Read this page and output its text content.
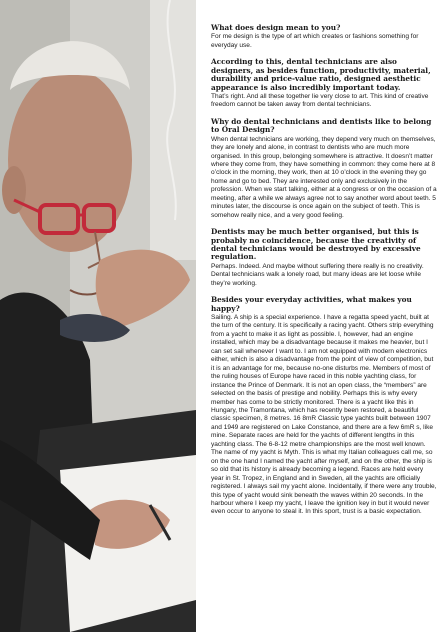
What does design mean to you?

For me design is the type of art which creates or fashions something for everyday use.

According to this, dental technicians are also designers, as besides function, productivity, material, durability and price-value ratio, designed aesthetic appearance is also incredibly important today.

That’s right. And all these together lie very close to art. This kind of creative freedom cannot be taken away from dental technicians.

Why do dental technicians and dentists like to belong to Oral Design?

When dental technicians are working, they depend very much on themselves, they are lonely and alone, in contrast to dentists who are much more organised. In this group, belonging somewhere is attractive. It doesn’t matter where they come from, they have something in common: they come here at 8 o’clock in the morning, they work, then at 10 o’clock in the evening they go home and go to bed. They are interested only and exclusively in the profession. When we start talking, either at a congress or on the occasion of a meeting, after a while we always agree not to say another word about teeth. 5 minutes later, the discourse is once again on the subject of teeth. This is somehow really nice, and a very good feeling.

Dentists may be much better organised, but this is probably no coincidence, because the creativity of dental technicians would be destroyed by excessive regulation.

Perhaps. Indeed. And maybe without suffering there really is no creativity. Dental technicians walk a lonely road, but many ideas are let loose while they’re working.

Besides your everyday activities, what makes you happy?

Sailing. A ship is a special experience. I have a regatta speed yacht, built at the turn of the century. It is specifically a racing yacht. Others strip everything from a yacht to make it as light as possible. I, however, had an engine installed, which may be a disadvantage because it makes me heavier, but I can set sail whenever I want to. I am not equipped with modern electronics either, which is also a disadvantage from the point of view of competition, but it is an advantage for me, because no-one disturbs me. Members of most of the ruling houses of Europe have raced in this noble yachting class, for instance the Prince of Denmark. It is not an open class, the “members” are selected on the basis of prestige and nobility. Perhaps this is why every member has come to be strictly monitored. There is a yacht like this in Hungary, the Tramontana, which has recently been restored, a beautiful classic specimen, 8 metres. 16 8mR Classic type yachts built between 1907 and 1949 are registered on Lake Constance, and there are a few 6mR s, like mine. Separate races are held for the yachts of different lengths in this yachting class. The 6-8-12 metre championships are the most well known. The name of my yacht is Myth. This is what my Italian colleagues call me, so on the one hand I named the yacht after myself, and on the other, the ship is so old that its history is already becoming a legend. Races are held every year in St. Tropez, in England and in Sweden, all the yachts are officially registered. I always sail my yacht alone. Incidentally, if there were any trouble, this type of yacht would sink beneath the waves within 20 seconds. In the harbour where I keep my yacht, I leave the ignition key in but it would never even occur to anyone to steal it. In this sport, trust is a basic expectation.
